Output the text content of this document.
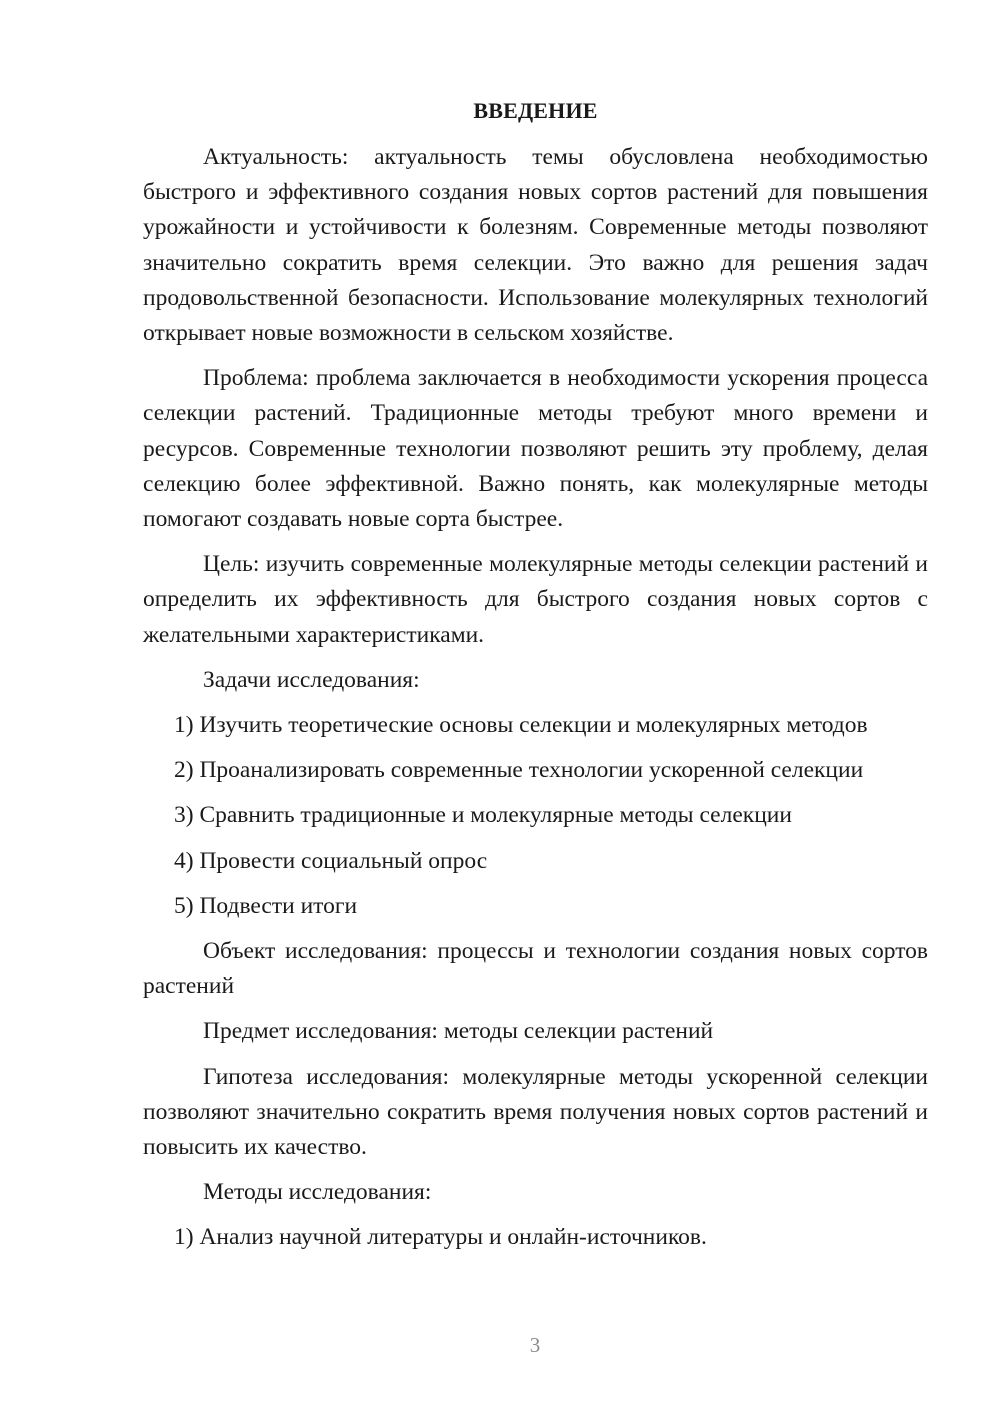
ВВЕДЕНИЕ

Актуальность: актуальность темы обусловлена необходимостью быстрого и эффективного создания новых сортов растений для повышения урожайности и устойчивости к болезням. Современные методы позволяют значительно сократить время селекции. Это важно для решения задач продовольственной безопасности. Использование молекулярных технологий открывает новые возможности в сельском хозяйстве.

Проблема: проблема заключается в необходимости ускорения процесса селекции растений. Традиционные методы требуют много времени и ресурсов. Современные технологии позволяют решить эту проблему, делая селекцию более эффективной. Важно понять, как молекулярные методы помогают создавать новые сорта быстрее.

Цель: изучить современные молекулярные методы селекции растений и определить их эффективность для быстрого создания новых сортов с желательными характеристиками.

Задачи исследования:
1) Изучить теоретические основы селекции и молекулярных методов
2) Проанализировать современные технологии ускоренной селекции
3) Сравнить традиционные и молекулярные методы селекции
4) Провести социальный опрос
5) Подвести итоги

Объект исследования: процессы и технологии создания новых сортов растений

Предмет исследования: методы селекции растений

Гипотеза исследования: молекулярные методы ускоренной селекции позволяют значительно сократить время получения новых сортов растений и повысить их качество.

Методы исследования:
1) Анализ научной литературы и онлайн-источников.
3
